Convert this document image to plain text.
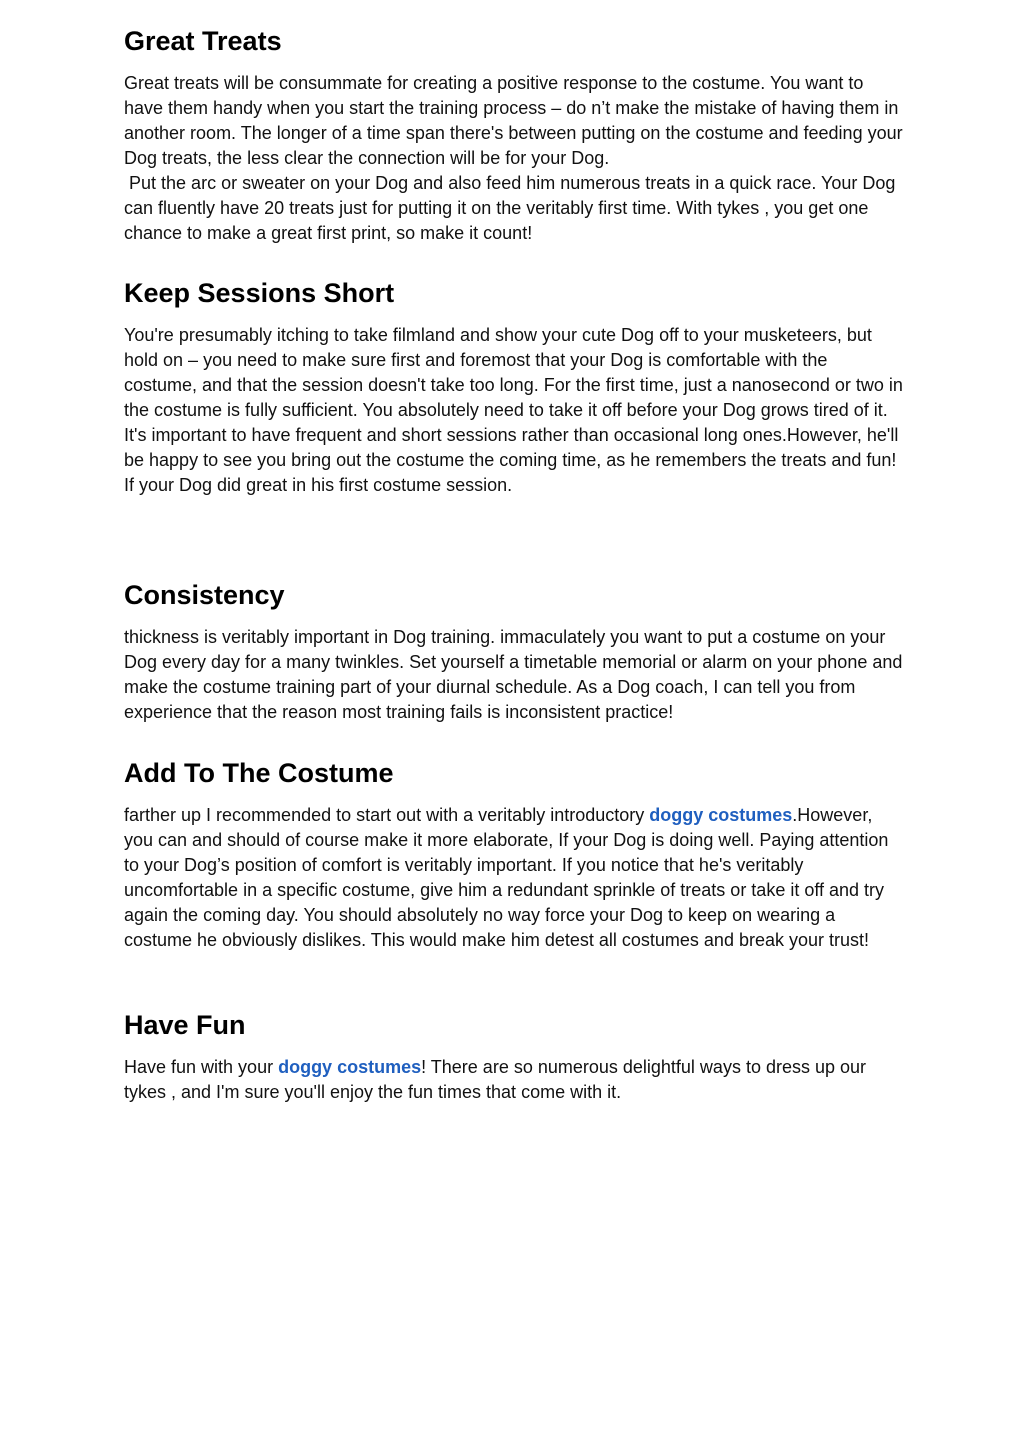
Great Treats

Great treats will be consummate for creating a positive response to the costume. You want to have them handy when you start the training process – do n’t make the mistake of having them in another room. The longer of a time span there's between putting on the costume and feeding your Dog treats, the less clear the connection will be for your Dog.

Put the arc or sweater on your Dog and also feed him numerous treats in a quick race. Your Dog can fluently have 20 treats just for putting it on the veritably first time. With tykes , you get one chance to make a great first print, so make it count!

Keep Sessions Short

You're presumably itching to take filmland and show your cute Dog off to your musketeers, but hold on – you need to make sure first and foremost that your Dog is comfortable with the costume, and that the session doesn't take too long. For the first time, just a nanosecond or two in the costume is fully sufficient. You absolutely need to take it off before your Dog grows tired of it.

It's important to have frequent and short sessions rather than occasional long ones.However, he'll be happy to see you bring out the costume the coming time, as he remembers the treats and fun!

If your Dog did great in his first costume session.

Consistency

thickness is veritably important in Dog training. immaculately you want to put a costume on your Dog every day for a many twinkles. Set yourself a timetable memorial or alarm on your phone and make the costume training part of your diurnal schedule. As a Dog coach, I can tell you from experience that the reason most training fails is inconsistent practice!

Add To The Costume

farther up I recommended to start out with a veritably introductory doggy costumes.However, you can and should of course make it more elaborate, If your Dog is doing well. Paying attention to your Dog’s position of comfort is veritably important. If you notice that he's veritably uncomfortable in a specific costume, give him a redundant sprinkle of treats or take it off and try again the coming day. You should absolutely no way force your Dog to keep on wearing a costume he obviously dislikes. This would make him detest all costumes and break your trust!

Have Fun

Have fun with your doggy costumes! There are so numerous delightful ways to dress up our tykes , and I'm sure you'll enjoy the fun times that come with it.
